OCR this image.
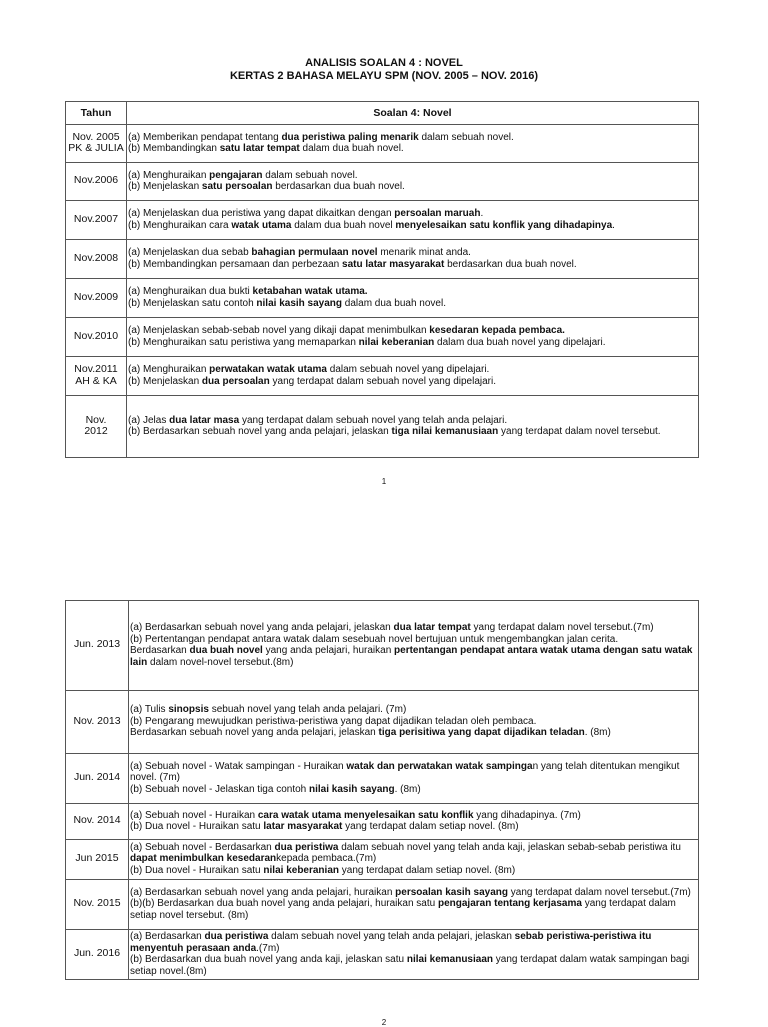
ANALISIS SOALAN 4 : NOVEL
KERTAS 2 BAHASA MELAYU SPM (NOV. 2005 – NOV. 2016)
Tahun	Soalan 4: Novel

Nov. 2005
PK & JULIA	(a) Memberikan pendapat tentang dua peristiwa paling menarik dalam sebuah novel.
(b) Membandingkan satu latar tempat dalam dua buah novel.

Nov.2006	(a) Menghuraikan pengajaran dalam sebuah novel.
(b) Menjelaskan satu persoalan berdasarkan dua buah novel.

Nov.2007	(a) Menjelaskan dua peristiwa yang dapat dikaitkan dengan persoalan maruah.
(b) Menghuraikan cara watak utama dalam dua buah novel menyelesaikan satu konflik yang dihadapinya.

Nov.2008	(a) Menjelaskan dua sebab bahagian permulaan novel menarik minat anda.
(b) Membandingkan persamaan dan perbezaan satu latar masyarakat berdasarkan dua buah novel.

Nov.2009	(a) Menghuraikan dua bukti ketabahan watak utama.
(b) Menjelaskan satu contoh nilai kasih sayang dalam dua buah novel.

Nov.2010	(a) Menjelaskan sebab-sebab novel yang dikaji dapat menimbulkan kesedaran kepada pembaca.
(b) Menghuraikan satu peristiwa yang memaparkan nilai keberanian dalam dua buah novel yang dipelajari.

Nov.2011
AH & KA	(a) Menghuraikan perwatakan watak utama dalam sebuah novel yang dipelajari.
(b) Menjelaskan dua persoalan yang terdapat dalam sebuah novel yang dipelajari.

Nov.
2012	(a) Jelas dua latar masa yang terdapat dalam sebuah novel yang telah anda pelajari.
(b) Berdasarkan sebuah novel yang anda pelajari, jelaskan tiga nilai kemanusiaan yang terdapat dalam novel tersebut.
1
Jun. 2013	(a) Berdasarkan sebuah novel yang anda pelajari, jelaskan dua latar tempat yang terdapat dalam novel tersebut.(7m)
(b) Pertentangan pendapat antara watak dalam sesebuah novel bertujuan untuk mengembangkan jalan cerita.
Berdasarkan dua buah novel yang anda pelajari, huraikan pertentangan pendapat antara watak utama dengan satu watak lain dalam novel-novel tersebut.(8m)

Nov. 2013	(a) Tulis sinopsis sebuah novel yang telah anda pelajari. (7m)
(b) Pengarang mewujudkan peristiwa-peristiwa yang dapat dijadikan teladan oleh pembaca.
Berdasarkan sebuah novel yang anda pelajari, jelaskan tiga perisitiwa yang dapat dijadikan teladan. (8m)

Jun. 2014	(a) Sebuah novel - Watak sampingan - Huraikan watak dan perwatakan watak sampingan yang telah ditentukan mengikut novel. (7m)
(b) Sebuah novel - Jelaskan tiga contoh nilai kasih sayang. (8m)

Nov. 2014	(a) Sebuah novel - Huraikan cara watak utama menyelesaikan satu konflik yang dihadapinya. (7m)
(b) Dua novel - Huraikan satu latar masyarakat yang terdapat dalam setiap novel. (8m)

Jun 2015	(a) Sebuah novel - Berdasarkan dua peristiwa dalam sebuah novel yang telah anda kaji, jelaskan sebab-sebab peristiwa itu dapat menimbulkan kesedarankepada pembaca.(7m)
(b) Dua novel - Huraikan satu nilai keberanian yang terdapat dalam setiap novel. (8m)

Nov. 2015	(a) Berdasarkan sebuah novel yang anda pelajari, huraikan persoalan kasih sayang yang terdapat dalam novel tersebut.(7m)
(b)(b) Berdasarkan dua buah novel yang anda pelajari, huraikan satu pengajaran tentang kerjasama yang terdapat dalam setiap novel tersebut. (8m)

Jun. 2016	(a) Berdasarkan dua peristiwa dalam sebuah novel yang telah anda pelajari, jelaskan sebab peristiwa-peristiwa itu menyentuh perasaan anda.(7m)
(b) Berdasarkan dua buah novel yang anda kaji, jelaskan satu nilai kemanusiaan yang terdapat dalam watak sampingan bagi setiap novel.(8m)
2
